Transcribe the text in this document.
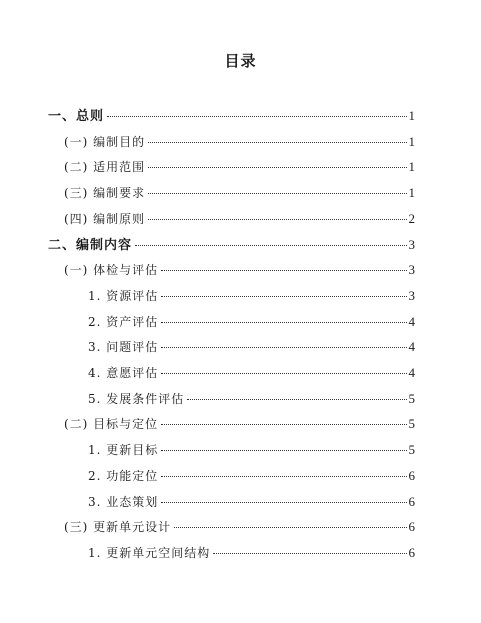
目录
一、总则	1
(一) 编制目的	1
(二) 适用范围	1
(三) 编制要求	1
(四) 编制原则	2
二、编制内容	3
(一) 体检与评估	3
1. 资源评估	3
2. 资产评估	4
3. 问题评估	4
4. 意愿评估	4
5. 发展条件评估	5
(二) 目标与定位	5
1. 更新目标	5
2. 功能定位	6
3. 业态策划	6
(三) 更新单元设计	6
1. 更新单元空间结构	6
